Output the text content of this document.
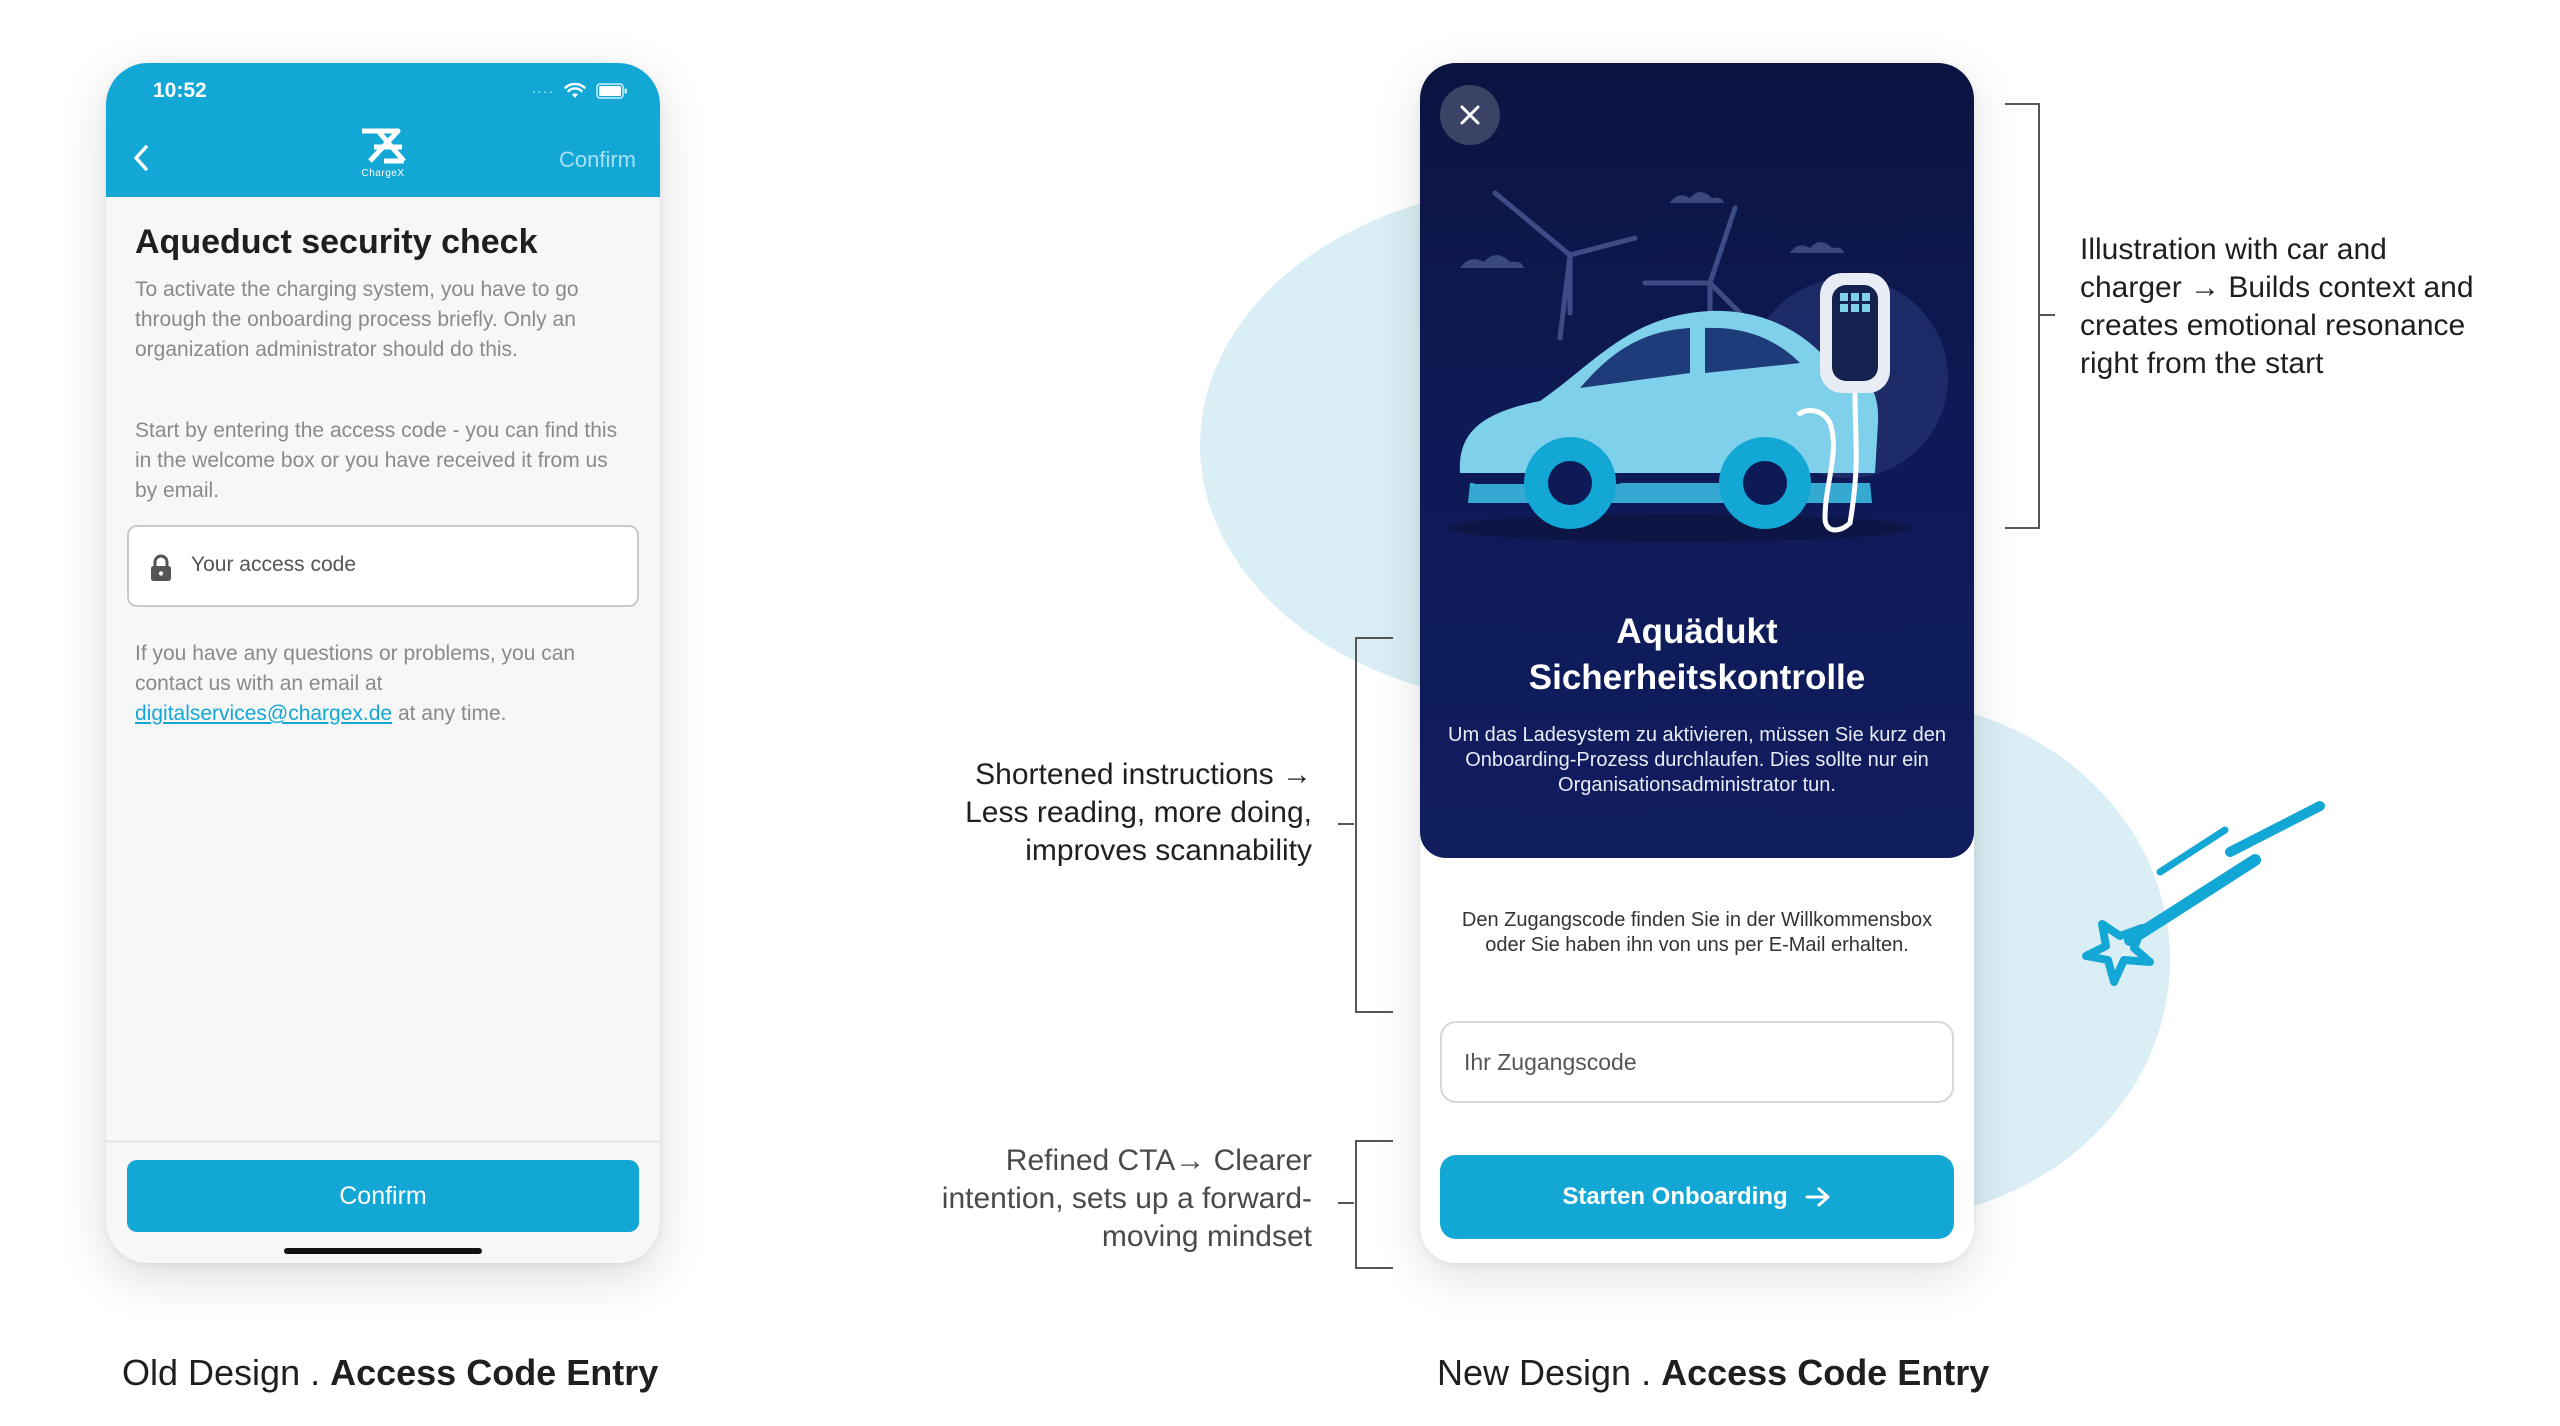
10:52	····
ChargeX
Confirm
Aqueduct security check
To activate the charging system, you have to go through the onboarding process briefly. Only an organization administrator should do this.
Start by entering the access code - you can find this in the welcome box or you have received it from us by email.
Your access code
If you have any questions or problems, you can contact us with an email at digitalservices@chargex.de at any time.
Confirm
Aquädukt
Sicherheitskontrolle
Um das Ladesystem zu aktivieren, müssen Sie kurz den Onboarding-Prozess durchlaufen. Dies sollte nur ein Organisationsadministrator tun.
Den Zugangscode finden Sie in der Willkommensbox oder Sie haben ihn von uns per E-Mail erhalten.
Ihr Zugangscode
Starten Onboarding
Illustration with car and
charger → Builds context and
creates emotional resonance
right from the start
Shortened instructions →
Less reading, more doing,
improves scannability
Refined CTA→ Clearer
intention, sets up a forward-
moving mindset
Old Design . Access Code Entry	New Design . Access Code Entry
